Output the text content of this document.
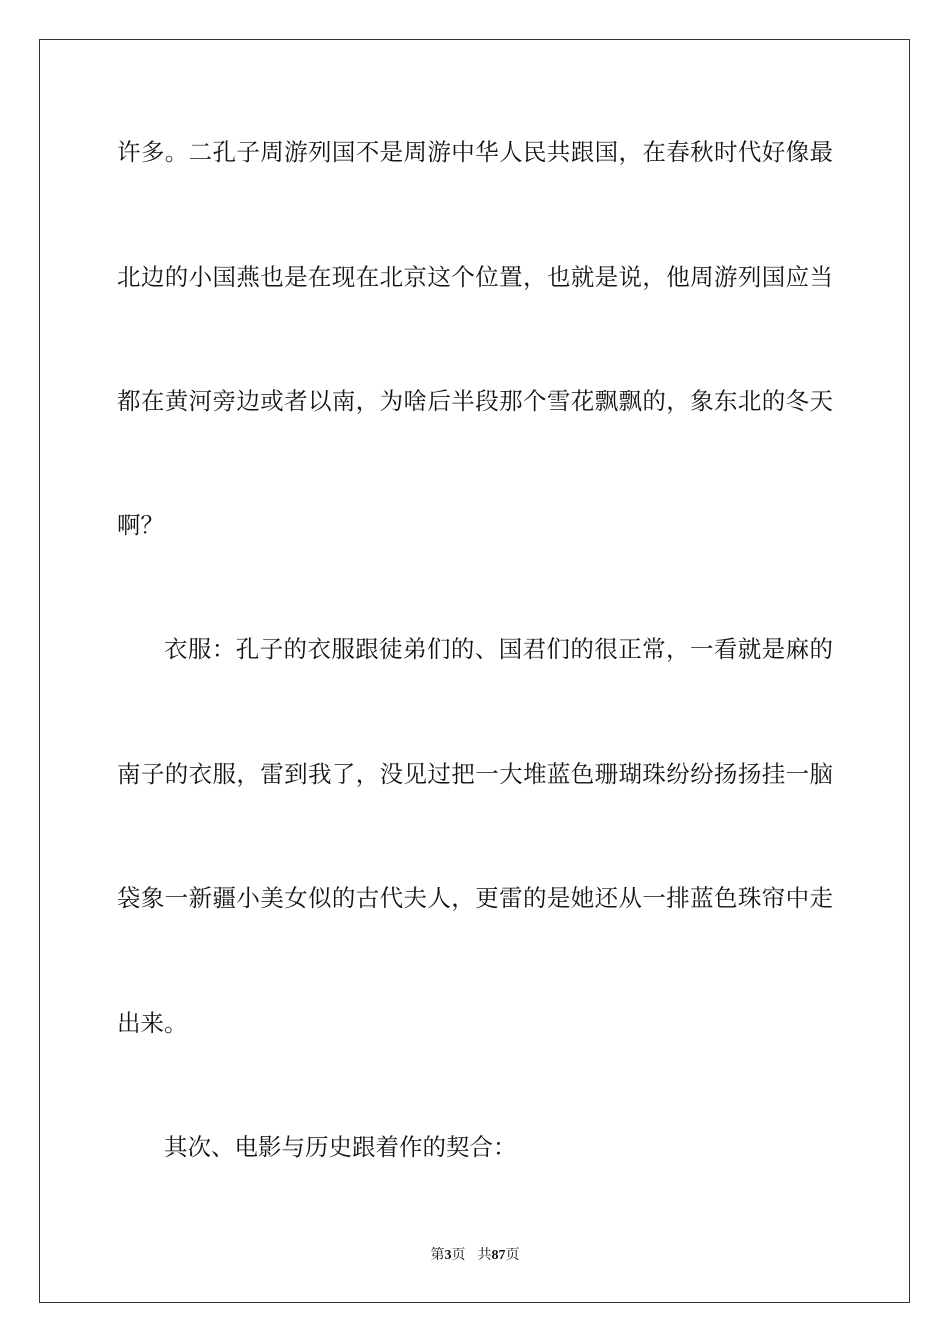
许多。二孔子周游列国不是周游中华人民共跟国，在春秋时代好像最
北边的小国燕也是在现在北京这个位置，也就是说，他周游列国应当
都在黄河旁边或者以南，为啥后半段那个雪花飘飘的，象东北的冬天
啊？
衣服：孔子的衣服跟徒弟们的、国君们的很正常，一看就是麻的
南子的衣服，雷到我了，没见过把一大堆蓝色珊瑚珠纷纷扬扬挂一脑
袋象一新疆小美女似的古代夫人，更雷的是她还从一排蓝色珠帘中走
出来。
其次、电影与历史跟着作的契合：
第3页 共87页
